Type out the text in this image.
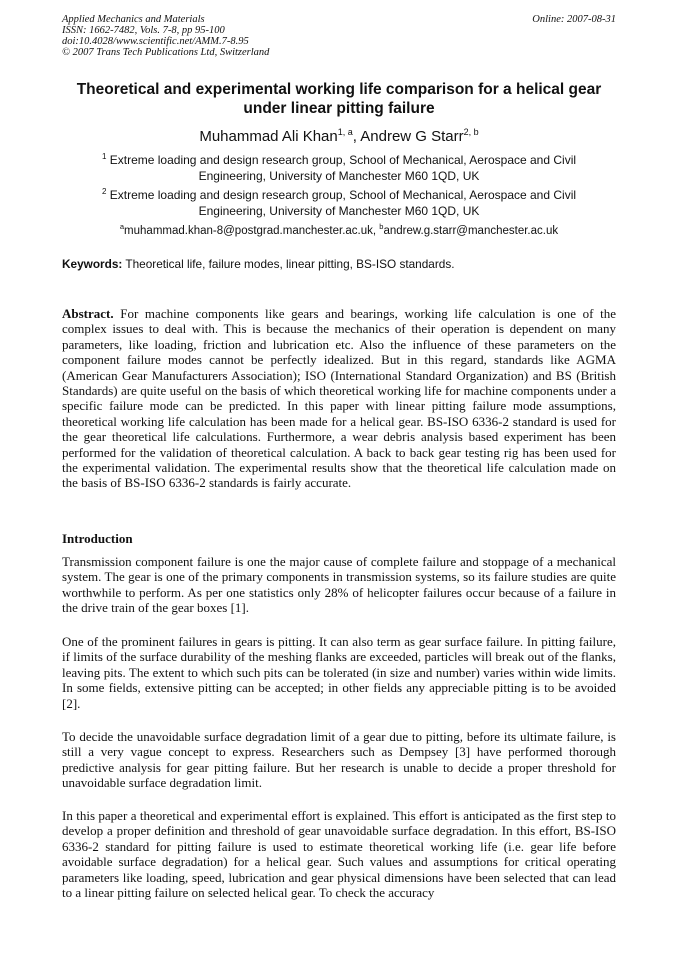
Applied Mechanics and Materials
ISSN: 1662-7482, Vols. 7-8, pp 95-100
doi:10.4028/www.scientific.net/AMM.7-8.95
© 2007 Trans Tech Publications Ltd, Switzerland
Online: 2007-08-31
Theoretical and experimental working life comparison for a helical gear under linear pitting failure
Muhammad Ali Khan$^{1, a}$, Andrew G Starr$^{2, b}$
$^1$ Extreme loading and design research group, School of Mechanical, Aerospace and Civil Engineering, University of Manchester M60 1QD, UK
$^2$ Extreme loading and design research group, School of Mechanical, Aerospace and Civil Engineering, University of Manchester M60 1QD, UK
$^a$muhammad.khan-8@postgrad.manchester.ac.uk, $^b$andrew.g.starr@manchester.ac.uk
Keywords: Theoretical life, failure modes, linear pitting, BS-ISO standards.
Abstract. For machine components like gears and bearings, working life calculation is one of the complex issues to deal with. This is because the mechanics of their operation is dependent on many parameters, like loading, friction and lubrication etc. Also the influence of these parameters on the component failure modes cannot be perfectly idealized. But in this regard, standards like AGMA (American Gear Manufacturers Association); ISO (International Standard Organization) and BS (British Standards) are quite useful on the basis of which theoretical working life for machine components under a specific failure mode can be predicted. In this paper with linear pitting failure mode assumptions, theoretical working life calculation has been made for a helical gear. BS-ISO 6336-2 standard is used for the gear theoretical life calculations. Furthermore, a wear debris analysis based experiment has been performed for the validation of theoretical calculation. A back to back gear testing rig has been used for the experimental validation. The experimental results show that the theoretical life calculation made on the basis of BS-ISO 6336-2 standards is fairly accurate.
Introduction
Transmission component failure is one the major cause of complete failure and stoppage of a mechanical system. The gear is one of the primary components in transmission systems, so its failure studies are quite worthwhile to perform. As per one statistics only 28% of helicopter failures occur because of a failure in the drive train of the gear boxes [1].
One of the prominent failures in gears is pitting. It can also term as gear surface failure. In pitting failure, if limits of the surface durability of the meshing flanks are exceeded, particles will break out of the flanks, leaving pits. The extent to which such pits can be tolerated (in size and number) varies within wide limits. In some fields, extensive pitting can be accepted; in other fields any appreciable pitting is to be avoided [2].
To decide the unavoidable surface degradation limit of a gear due to pitting, before its ultimate failure, is still a very vague concept to express. Researchers such as Dempsey [3] have performed thorough predictive analysis for gear pitting failure. But her research is unable to decide a proper threshold for unavoidable surface degradation limit.
In this paper a theoretical and experimental effort is explained. This effort is anticipated as the first step to develop a proper definition and threshold of gear unavoidable surface degradation. In this effort, BS-ISO 6336-2 standard for pitting failure is used to estimate theoretical working life (i.e. gear life before avoidable surface degradation) for a helical gear. Such values and assumptions for critical operating parameters like loading, speed, lubrication and gear physical dimensions have been selected that can lead to a linear pitting failure on selected helical gear. To check the accuracy
